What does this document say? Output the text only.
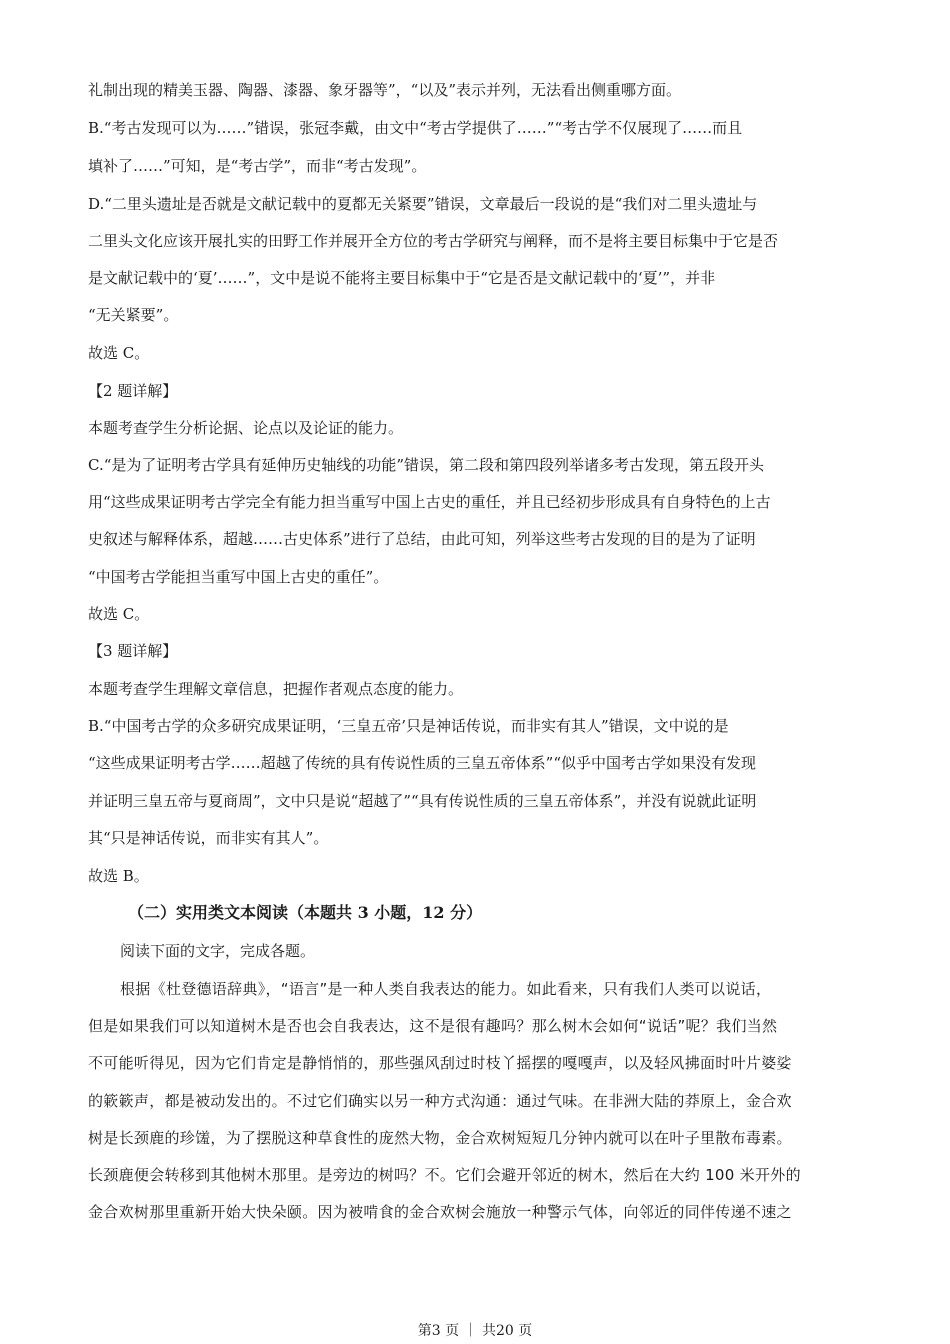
礼制出现的精美玉器、陶器、漆器、象牙器等”，“以及”表示并列，无法看出侧重哪方面。
B.“考古发现可以为……”错误，张冠李戴，由文中“考古学提供了……”“考古学不仅展现了……而且
填补了……”可知，是“考古学”，而非“考古发现”。
D.“二里头遗址是否就是文献记载中的夏都无关紧要”错误，文章最后一段说的是“我们对二里头遗址与
二里头文化应该开展扎实的田野工作并展开全方位的考古学研究与阐释，而不是将主要目标集中于它是否
是文献记载中的‘夏’……”，文中是说不能将主要目标集中于“它是否是文献记载中的‘夏’”，并非
“无关紧要”。
故选 C。
【2 题详解】
本题考查学生分析论据、论点以及论证的能力。
C.“是为了证明考古学具有延伸历史轴线的功能”错误，第二段和第四段列举诸多考古发现，第五段开头
用“这些成果证明考古学完全有能力担当重写中国上古史的重任，并且已经初步形成具有自身特色的上古
史叙述与解释体系，超越……古史体系”进行了总结，由此可知，列举这些考古发现的目的是为了证明
“中国考古学能担当重写中国上古史的重任”。
故选 C。
【3 题详解】
本题考查学生理解文章信息，把握作者观点态度的能力。
B.“中国考古学的众多研究成果证明，‘三皇五帝’只是神话传说，而非实有其人”错误，文中说的是
“这些成果证明考古学……超越了传统的具有传说性质的三皇五帝体系”“似乎中国考古学如果没有发现
并证明三皇五帝与夏商周”，文中只是说“超越了”“具有传说性质的三皇五帝体系”，并没有说就此证明
其“只是神话传说，而非实有其人”。
故选 B。
（二）实用类文本阅读（本题共 3 小题，12 分）
阅读下面的文字，完成各题。
根据《杜登德语辞典》，“语言”是一种人类自我表达的能力。如此看来，只有我们人类可以说话，
但是如果我们可以知道树木是否也会自我表达，这不是很有趣吗？那么树木会如何“说话”呢？我们当然
不可能听得见，因为它们肯定是静悄悄的，那些强风刮过时枝丫摇摆的嘎嘎声，以及轻风拂面时叶片婆娑
的簌簌声，都是被动发出的。不过它们确实以另一种方式沟通：通过气味。在非洲大陆的莽原上，金合欢
树是长颈鹿的珍馐，为了摆脱这种草食性的庞然大物，金合欢树短短几分钟内就可以在叶子里散布毒素。
长颈鹿便会转移到其他树木那里。是旁边的树吗？不。它们会避开邻近的树木，然后在大约 100 米开外的
金合欢树那里重新开始大快朵颐。因为被啃食的金合欢树会施放一种警示气体，向邻近的同伴传递不速之
第3 页 ｜ 共20 页
